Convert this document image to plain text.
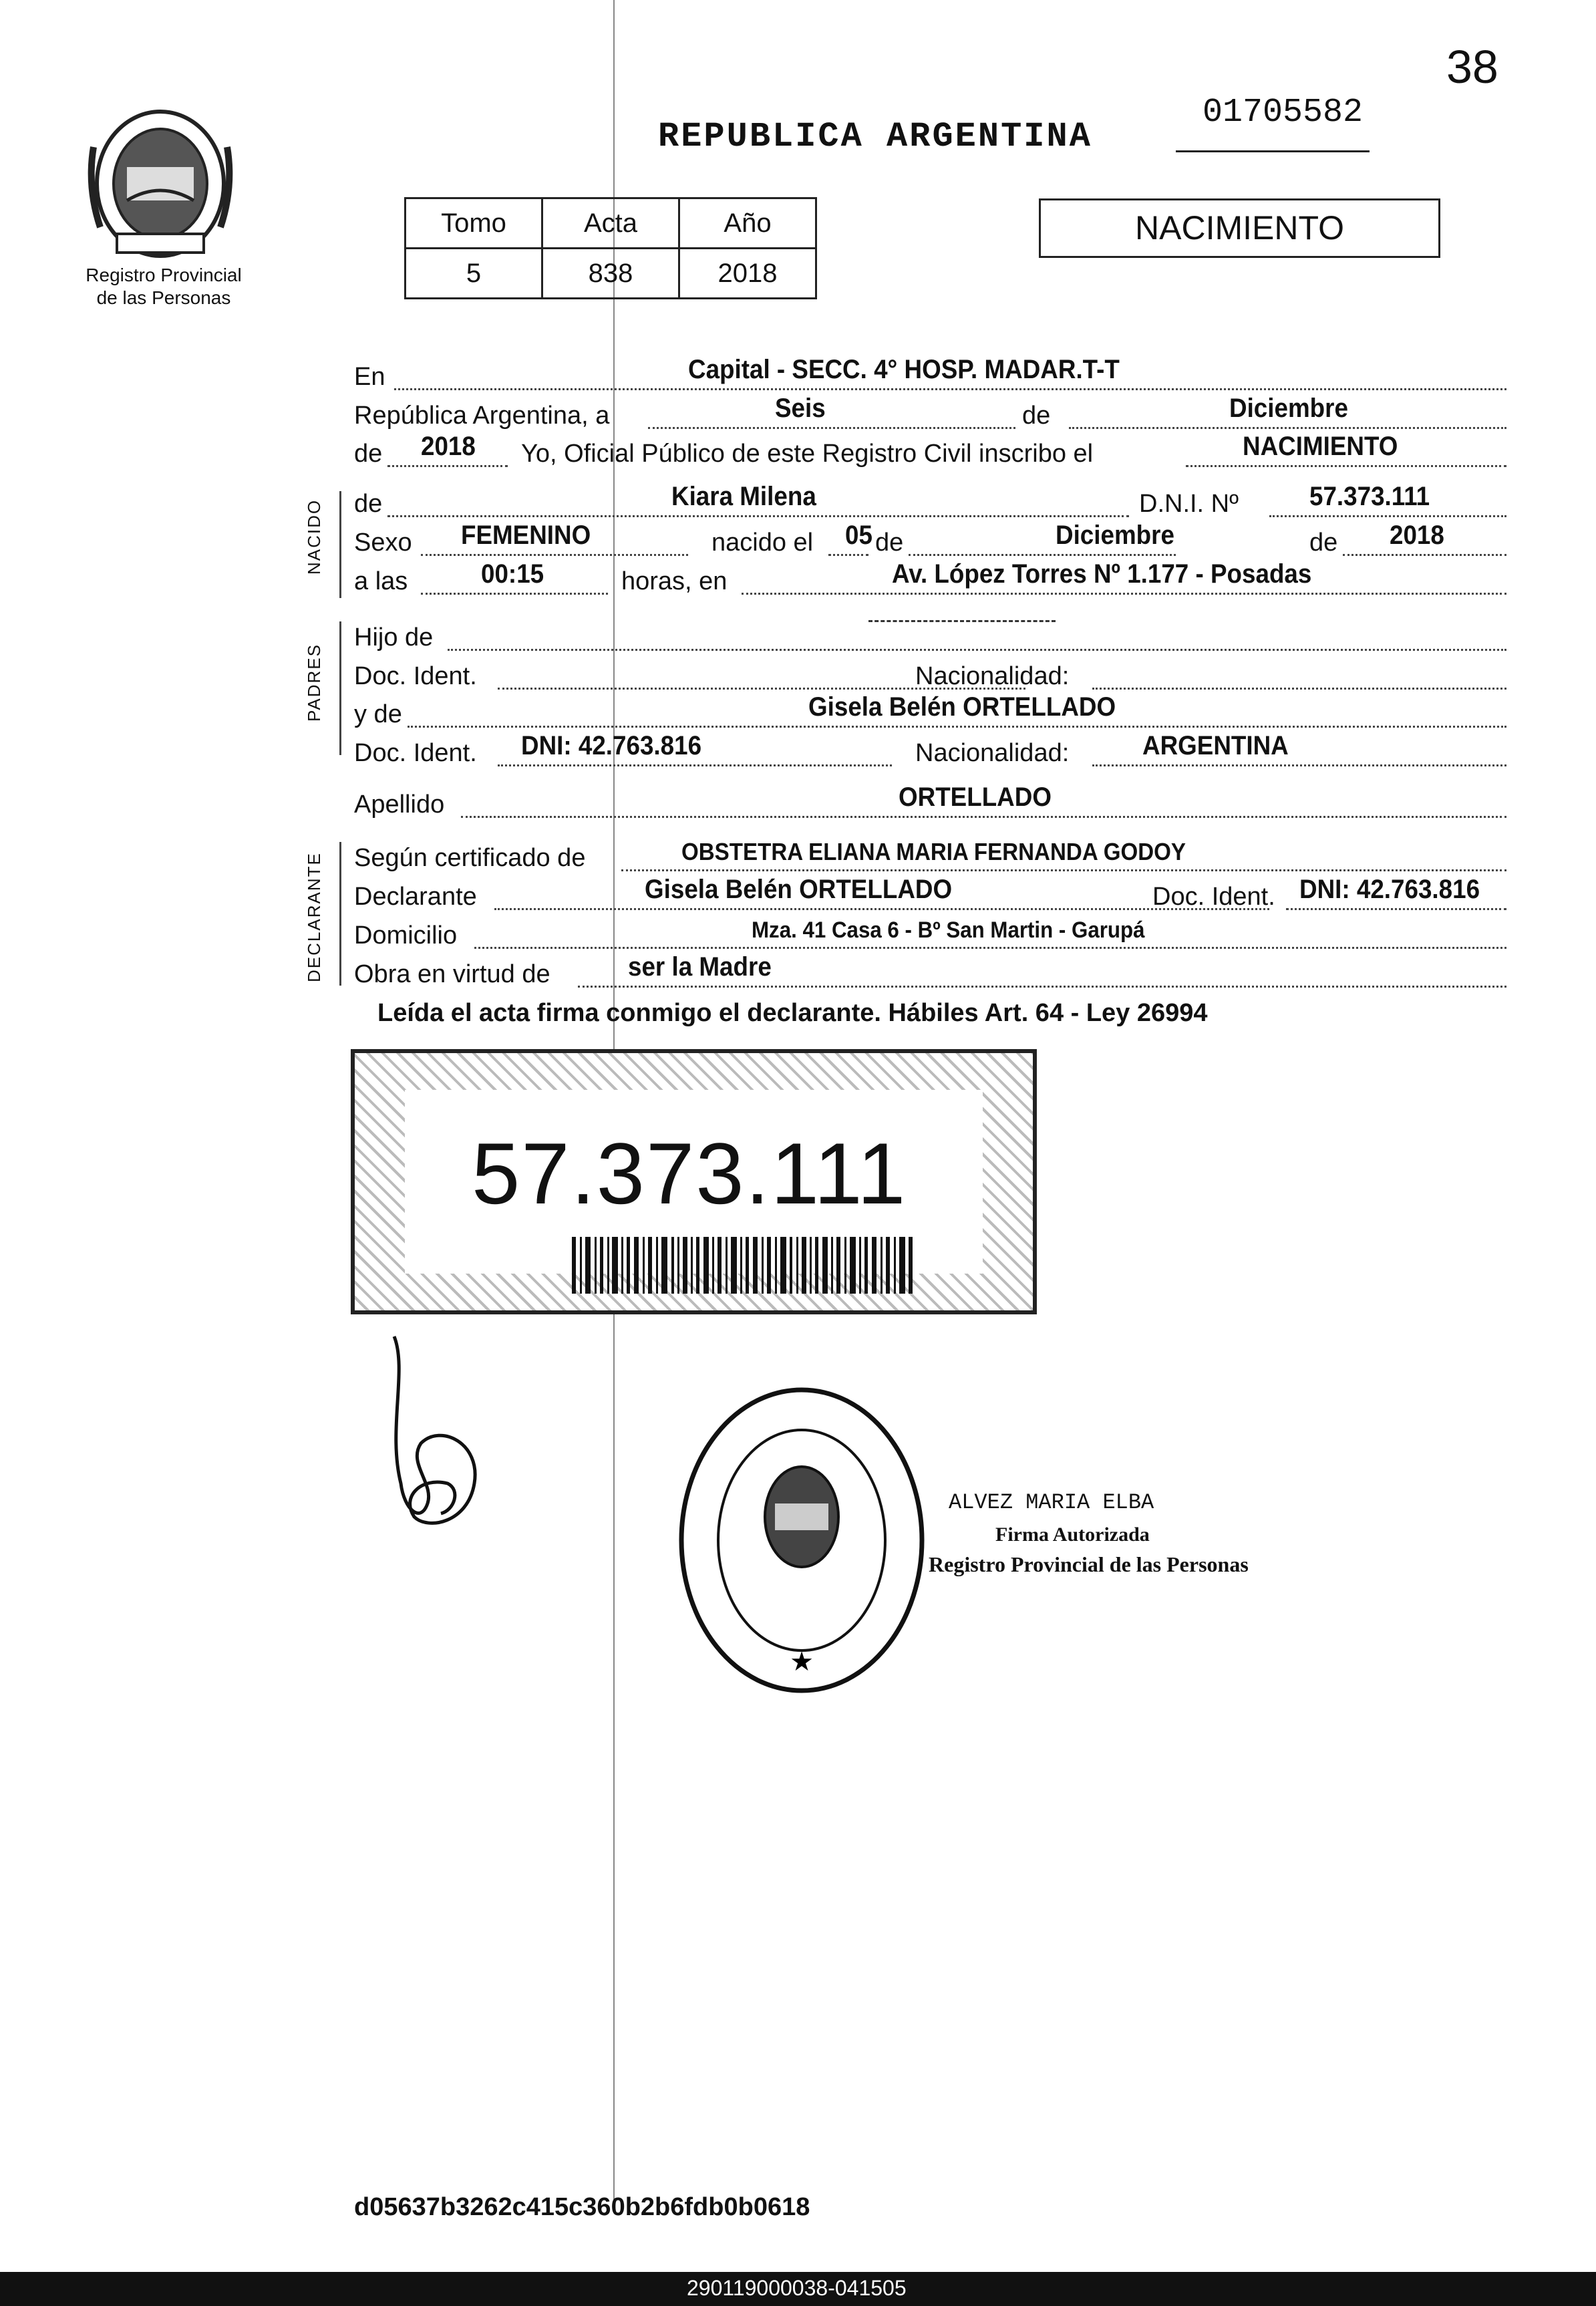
38
01705582
Registro Provincial de las Personas
REPUBLICA ARGENTINA
Tomo	Acta	Año
5	838	2018
NACIMIENTO
En	Capital - SECC. 4° HOSP. MADAR.T-T
República Argentina, a	Seis	de	Diciembre
de 2018 Yo, Oficial Público de este Registro Civil inscribo el	NACIMIENTO
NACIDO de	Kiara Milena	D.N.I. Nº	57.373.111
Sexo FEMENINO	nacido el 05 de	Diciembre	de 2018
a las	00:15	horas, en	Av. López Torres Nº 1.177 - Posadas
PADRES
Hijo de
Doc. Ident.	Nacionalidad:
y de	Gisela Belén ORTELLADO
Doc. Ident. DNI: 42.763.816	Nacionalidad:	ARGENTINA
Apellido	ORTELLADO
DECLARANTE Según certificado de	OBSTETRA ELIANA MARIA FERNANDA GODOY
Declarante	Gisela Belén ORTELLADO	Doc. Ident. DNI: 42.763.816
Domicilio	Mza. 41 Casa 6 - Bº San Martin - Garupá
Obra en virtud de	ser la Madre
Leída el acta firma conmigo el declarante. Hábiles Art. 64 - Ley 26994
57.373.111
★
ALVEZ MARIA ELBA
Firma Autorizada
Registro Provincial de las Personas
d05637b3262c415c360b2b6fdb0b0618
290119000038-041505
